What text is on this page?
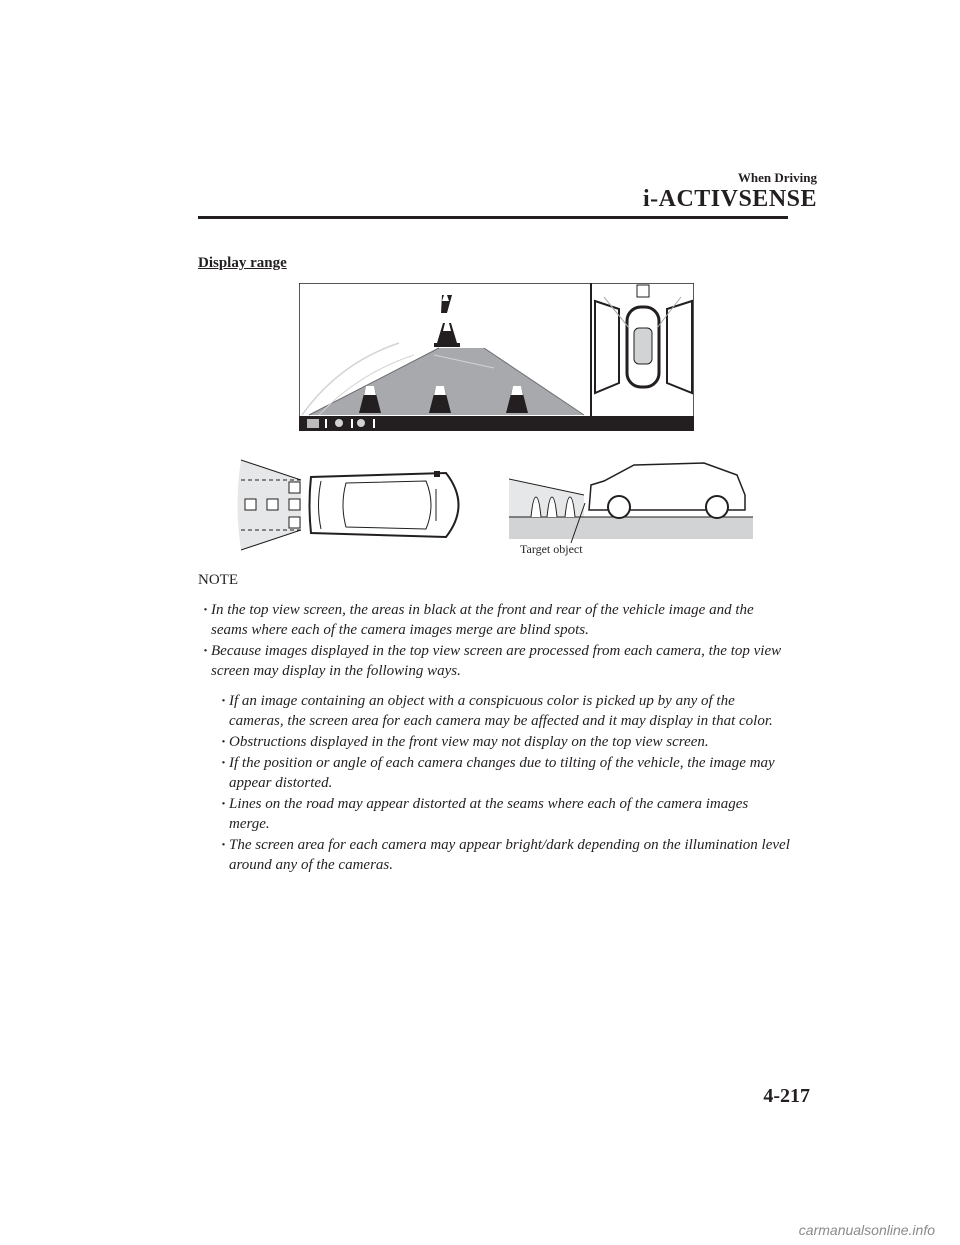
When Driving
i-ACTIVSENSE
Display range
Target object
NOTE
· In the top view screen, the areas in black at the front and rear of the vehicle image and the seams where each of the camera images merge are blind spots.
· Because images displayed in the top view screen are processed from each camera, the top view screen may display in the following ways.
· If an image containing an object with a conspicuous color is picked up by any of the cameras, the screen area for each camera may be affected and it may display in that color.
· Obstructions displayed in the front view may not display on the top view screen.
· If the position or angle of each camera changes due to tilting of the vehicle, the image may appear distorted.
· Lines on the road may appear distorted at the seams where each of the camera images merge.
· The screen area for each camera may appear bright/dark depending on the illumination level around any of the cameras.
4-217
carmanualsonline.info
